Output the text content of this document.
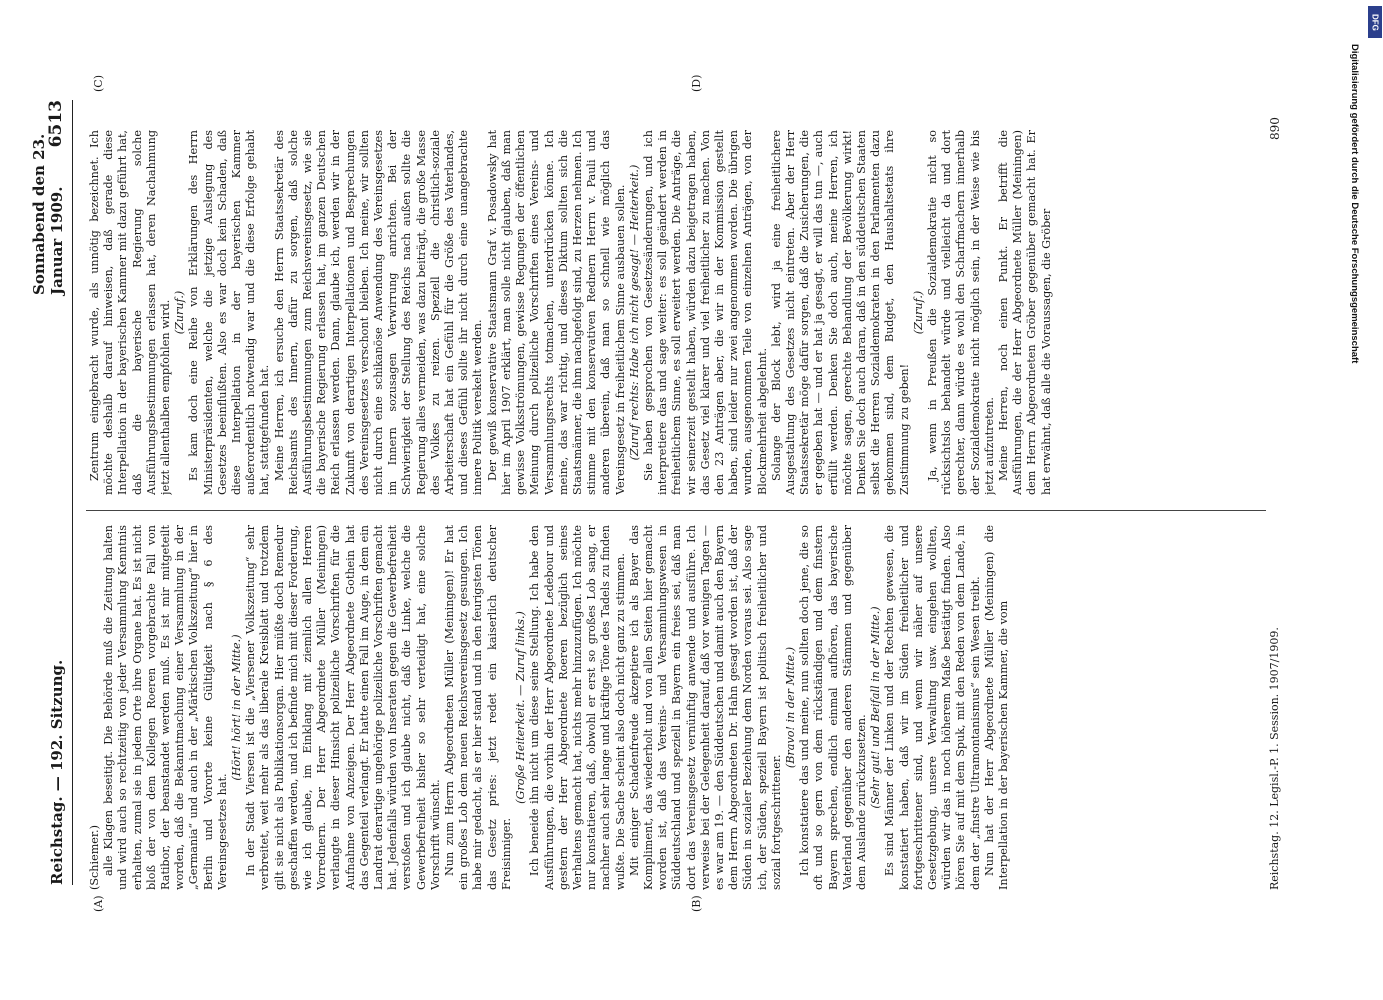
Reichstag. — 192. Sitzung.
Sonnabend den 23. Januar 1909.
6513
(A)	(B)
(C)	(D)

(Schiemer.) alle Klagen beseitigt. Die Behörde muß die Zeitung halten und wird auch so rechtzeitig von jeder Versammlung Kenntnis erhalten, zumal sie in jedem Orte ihre Organe hat. Es ist nicht bloß der von dem Kollegen Roeren vorgebrachte Fall von Ratibor, der beanstandet werden muß. Es ist mir mitgeteilt worden, daß die Bekanntmachung einer Versammlung in der „Germania“ und auch in der „Märkischen Volkszeitung“ hier in Berlin und Vororte keine Gültigkeit nach § 6 des Vereinsgesetzes hat.

(Hört! hört! in der Mitte.) In der Stadt Viersen ist die „Viersener Volkszeitung“ sehr verbreitet, weit mehr als das liberale Kreisblatt und trotzdem gilt sie nicht als Publikationsorgan. Hier müßte doch Remedur geschaffen werden, und ich befinde mich mit dieser Forderung, wie ich glaube, im Einklang mit ziemlich allen Herren Vorrednern. Der Herr Abgeordnete Müller (Meiningen) verlangte in dieser Hinsicht polizeiliche Vorschriften für die Aufnahme von Anzeigen. Der Herr Abgeordnete Gothein hat das Gegenteil verlangt. Er hatte einen Fall im Auge, in dem ein Landrat derartige ungehörige polizeiliche Vorschriften gemacht hat. Jedenfalls würden von Inseraten gegen die Gewerbefreiheit verstoßen und ich glaube nicht, daß die Linke, welche die Gewerbefreiheit bisher so sehr verteidigt hat, eine solche Vorschrift wünscht. Nun zum Herrn Abgeordneten Müller (Meiningen)! Er hat ein großes Lob dem neuen Reichsvereinsgesetz gesungen. Ich habe mir gedacht, als er hier stand und in den feurigsten Tönen das Gesetz pries: jetzt redet ein kaiserlich deutscher Freisinniger.

(Große Heiterkeit. — Zuruf links.) Ich beneide ihn nicht um diese seine Stellung. Ich habe den Ausführungen, die vorhin der Herr Abgeordnete Ledebour und gestern der Herr Abgeordnete Roeren bezüglich seines Verhaltens gemacht hat, nichts mehr hinzuzufügen. Ich möchte nur konstatieren, daß, obwohl er erst so großes Lob sang, er nachher auch sehr lange und kräftige Töne des Tadels zu finden wußte. Die Sache scheint also doch nicht ganz zu stimmen. Mit einiger Schadenfreude akzeptiere ich als Bayer das Kompliment, das wiederholt und von allen Seiten hier gemacht worden ist, daß das Vereins- und Versammlungswesen in Süddeutschland und speziell in Bayern ein freies sei, daß man dort das Vereinsgesetz vernünftig anwende und ausführe. Ich verweise bei der Gelegenheit darauf, daß vor wenigen Tagen — es war am 19. — den Süddeutschen und damit auch den Bayern dem Herrn Abgeordneten Dr. Hahn gesagt worden ist, daß der Süden in sozialer Beziehung dem Norden voraus sei. Also sage ich, der Süden, speziell Bayern ist politisch freiheitlicher und sozial fortgeschrittener.

(Bravo! in der Mitte.) Ich konstatiere das und meine, nun sollten doch jene, die so oft und so gern von dem rückständigen und dem finstern Bayern sprechen, endlich einmal aufhören, das bayerische Vaterland gegenüber den anderen Stämmen und gegenüber dem Auslande zurückzusetzen. (Sehr gut! und Beifall in der Mitte.) Es sind Männer der Linken und der Rechten gewesen, die konstatiert haben, daß wir im Süden freiheitlicher und fortgeschrittener sind, und wenn wir näher auf unsere Gesetzgebung, unsere Verwaltung usw. eingehen wollten, würden wir das in noch höherem Maße bestätigt finden. Also hören Sie auf mit dem Spuk, mit den Reden von dem Lande, in dem der „finstre Ultramontanismus“ sein Wesen treibt. Nun hat der Herr Abgeordnete Müller (Meiningen) die Interpellation in der bayerischen Kammer, die vom

Zentrum eingebracht wurde, als unnötig bezeichnet. Ich möchte deshalb darauf hinweisen, daß gerade diese Interpellation in der bayerischen Kammer mit dazu geführt hat, daß die bayerische Regierung solche Ausführungsbestimmungen erlassen hat, deren Nachahmung jetzt allenthalben empfohlen wird. (Zuruf.) Es kam doch eine Reihe von Erklärungen des Herrn Ministerpräsidenten, welche die jetzige Auslegung des Gesetzes beeinflußten. Also es war doch kein Schaden, daß diese Interpellation in der bayerischen Kammer außerordentlich notwendig war und die diese Erfolge gehabt hat, stattgefunden hat. Meine Herren, ich ersuche den Herrn Staatssekretär des Reichsamts des Innern, dafür zu sorgen, daß solche Ausführungsbestimmungen zum Reichsvereinsgesetz, wie sie die bayerische Regierung erlassen hat, im ganzen Deutschen Reich erlassen werden. Dann, glaube ich, werden wir in der Zukunft von derartigen Interpellationen und Besprechungen des Vereinsgesetzes verschont bleiben. Ich meine, wir sollten nicht durch eine schikanöse Anwendung des Vereinsgesetzes im Innern sozusagen Verwirrung anrichten. Bei der Schwierigkeit der Stellung des Reichs nach außen sollte die Regierung alles vermeiden, was dazu beiträgt, die große Masse des Volkes zu reizen. Speziell die christlich-soziale Arbeiterschaft hat ein Gefühl für die Größe des Vaterlandes, und dieses Gefühl sollte ihr nicht durch eine unangebrachte innere Politik verekelt werden. Der gewiß konservative Staatsmann Graf v. Posadowsky hat hier im April 1907 erklärt, man solle nicht glauben, daß man gewisse Volksströmungen, gewisse Regungen der öffentlichen Meinung durch polizeiliche Vorschriften eines Vereins- und Versammlungsrechts totmachen, unterdrücken könne. Ich meine, das war richtig, und dieses Diktum sollten sich die Staatsmänner, die ihm nachgefolgt sind, zu Herzen nehmen. Ich stimme mit den konservativen Rednern Herrn v. Pauli und anderen überein, daß man so schnell wie möglich das Vereinsgesetz in freiheitlichem Sinne ausbauen sollen. (Zuruf rechts: Habe ich nicht gesagt! — Heiterkeit.) Sie haben gesprochen von Gesetzesänderungen, und ich interpretiere das und sage weiter: es soll geändert werden in freiheitlichem Sinne, es soll erweitert werden. Die Anträge, die wir seinerzeit gestellt haben, würden dazu beigetragen haben, das Gesetz viel klarer und viel freiheitlicher zu machen. Von den 23 Anträgen aber, die wir in der Kommission gestellt haben, sind leider nur zwei angenommen worden. Die übrigen wurden, ausgenommen Teile von einzelnen Anträgen, von der Blockmehrheit abgelehnt. Solange der Block lebt, wird ja eine freiheitlichere Ausgestaltung des Gesetzes nicht eintreten. Aber der Herr Staatssekretär möge dafür sorgen, daß die Zusicherungen, die er gegeben hat — und er hat ja gesagt, er will das tun —, auch erfüllt werden. Denken Sie doch auch, meine Herren, ich möchte sagen, gerechte Behandlung der Bevölkerung wirkt! Denken Sie doch auch daran, daß in den süddeutschen Staaten selbst die Herren Sozialdemokraten in den Parlamenten dazu gekommen sind, dem Budget, den Haushaltsetats ihre Zustimmung zu geben!

(Zuruf.) Ja, wenn in Preußen die Sozialdemokratie nicht so rücksichtslos behandelt würde und vielleicht da und dort gerechter, dann würde es wohl den Scharfmachern innerhalb der Sozialdemokratie nicht möglich sein, in der Weise wie bis jetzt aufzutreten. Meine Herren, noch einen Punkt. Er betrifft die Ausführungen, die der Herr Abgeordnete Müller (Meiningen) dem Herrn Abgeordneten Gröber gegenüber gemacht hat. Er hat erwähnt, daß alle die Voraussagen, die Gröber

Reichstag. 12. Legisl.-P. 1. Session. 1907/1909.
890
DFG
Digitalisierung gefördert durch die Deutsche Forschungsgemeinschaft
